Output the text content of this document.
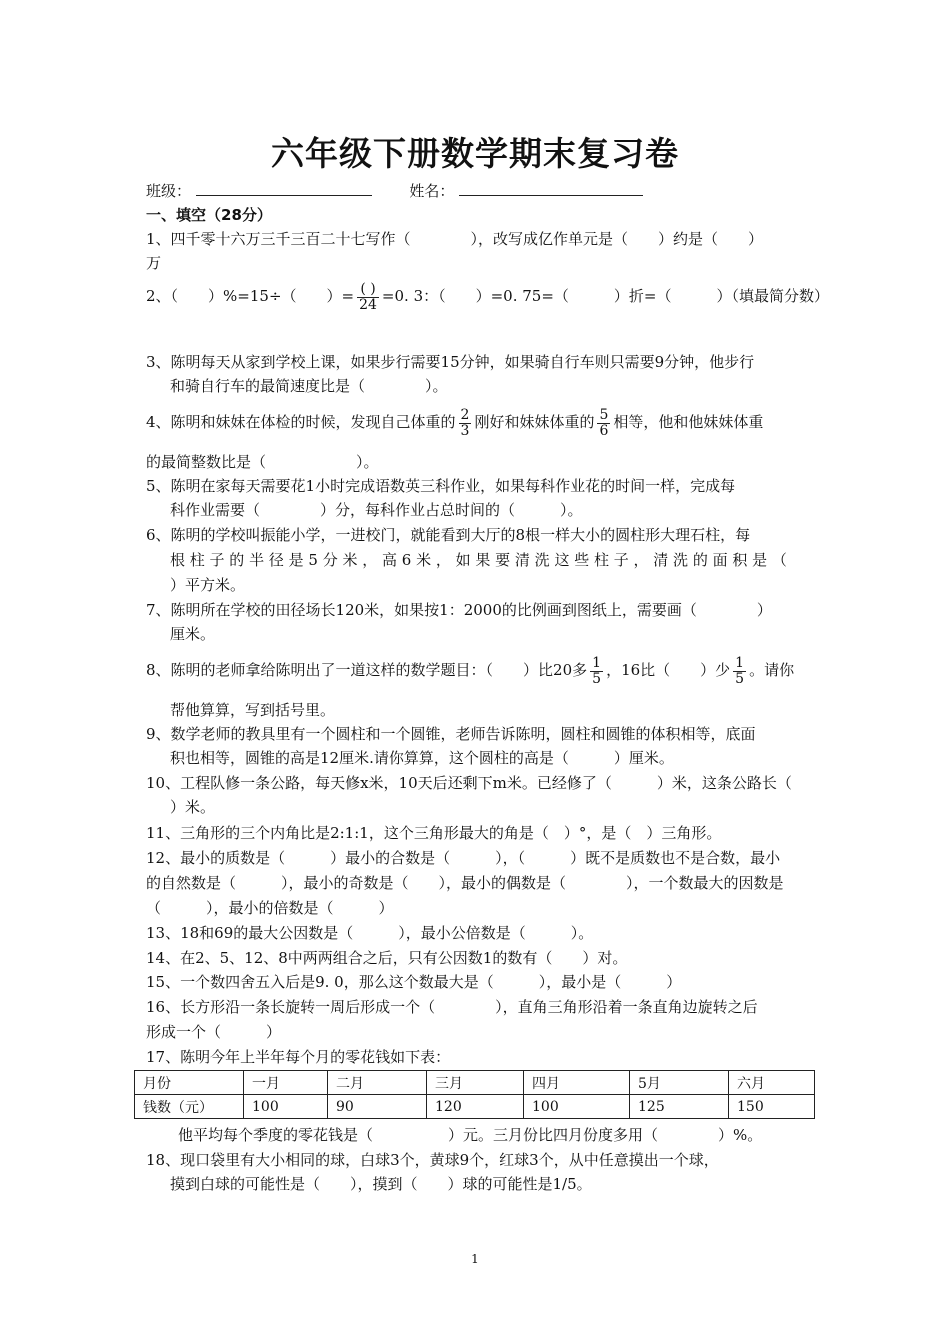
六年级下册数学期末复习卷
班级：	姓名：
一、填空（28分）
1、四千零十六万三千三百二十七写作（　　　　），改写成亿作单元是（　　）约是（　　）
万
2、（　　）%=15÷（　　）= $\frac{( )}{24} =0$. 3：（　　）=0. 75=（　　　）折=（　　　）（填最简分数）
3、陈明每天从家到学校上课，如果步行需要15分钟，如果骑自行车则只需要9分钟，他步行
和骑自行车的最简速度比是（　　　　）。
4、陈明和妹妹在体检的时候，发现自己体重的 $\frac{2}{3}$ 刚好和妹妹体重的 $\frac{5}{6}$ 相等，他和他妹妹体重
的最简整数比是（　　　　　　）。
5、陈明在家每天需要花1小时完成语数英三科作业，如果每科作业花的时间一样，完成每
科作业需要（　　　　）分，每科作业占总时间的（　　　）。
6、陈明的学校叫振能小学，一进校门，就能看到大厅的8根一样大小的圆柱形大理石柱，每
根 柱 子 的 半 径 是 5 分 米 ， 高 6 米 ， 如 果 要 清 洗 这 些 柱 子 ， 清 洗 的 面 积 是 （
）平方米。
7、陈明所在学校的田径场长120米，如果按1：2000的比例画到图纸上，需要画（　　　　）
厘米。
8、陈明的老师拿给陈明出了一道这样的数学题目：（　　）比20多 $\frac{1}{5}$ ，16比（　　）少 $\frac{1}{5}$ 。请你
帮他算算，写到括号里。
9、数学老师的教具里有一个圆柱和一个圆锥，老师告诉陈明，圆柱和圆锥的体积相等，底面
积也相等，圆锥的高是12厘米.请你算算，这个圆柱的高是（　　　）厘米。
10、工程队修一条公路，每天修x米，10天后还剩下m米。已经修了（　　　）米，这条公路长（
）米。
11、三角形的三个内角比是2:1:1，这个三角形最大的角是（　）°，是（　）三角形。
12、最小的质数是（　　　）最小的合数是（　　　），（　　　）既不是质数也不是合数，最小
的自然数是（　　　），最小的奇数是（　　），最小的偶数是（　　　　），一个数最大的因数是
（　　　），最小的倍数是（　　　）
13、18和69的最大公因数是（　　　），最小公倍数是（　　　）。
14、在2、5、12、8中两两组合之后，只有公因数1的数有（　　）对。
15、一个数四舍五入后是9. 0，那么这个数最大是（　　　），最小是（　　　）
16、长方形沿一条长旋转一周后形成一个（　　　　），直角三角形沿着一条直角边旋转之后
形成一个（　　　）
17、陈明今年上半年每个月的零花钱如下表：
月份	一月	二月	三月	四月	5月	六月
钱数（元）	100	90	120	100	125	150
他平均每个季度的零花钱是（　　　　　）元。三月份比四月份度多用（　　　　）%。
18、现口袋里有大小相同的球，白球3个，黄球9个，红球3个，从中任意摸出一个球，
摸到白球的可能性是（　　），摸到（　　）球的可能性是1/5。
1
